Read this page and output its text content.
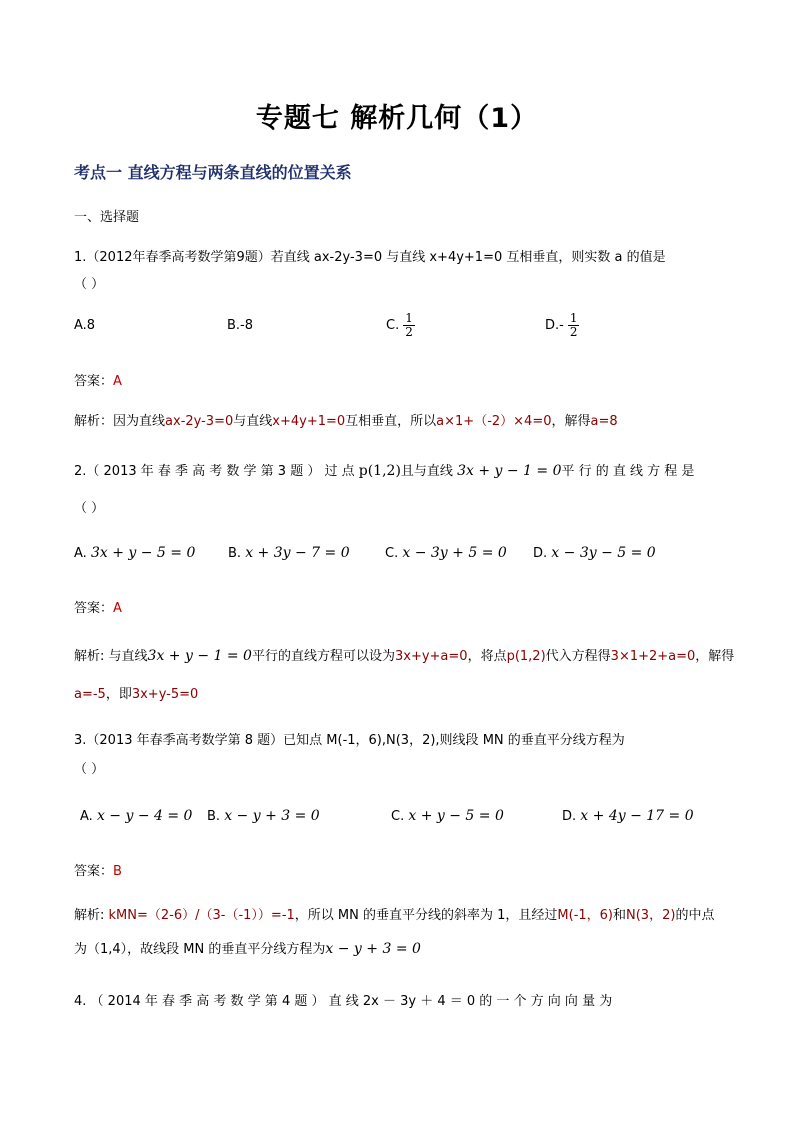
专题七 解析几何（1）
考点一 直线方程与两条直线的位置关系
一、选择题
1.（2012年春季高考数学第9题）若直线 ax-2y-3=0 与直线 x+4y+1=0 互相垂直，则实数 a 的值是
（ ）
A.8	B.-8	C. $\frac{1}{2}$	$D.- \frac{1}{2}$
答案：A
解析：因为直线ax-2y-3=0与直线x+4y+1=0互相垂直，所以a×1+（-2）×4=0，解得a=8
2.（ 2013 年 春 季 高 考 数 学 第 3 题 ） 过 点 p(1,2)且与直线 3x + y − 1 = 0平 行 的 直 线 方 程 是
（ ）
A. 3x + y − 5 = 0	B. x + 3y − 7 = 0	C. x − 3y + 5 = 0 D. x − 3y − 5 = 0
答案：A
解析: 与直线3x + y − 1 = 0平行的直线方程可以设为3x+y+a=0，将点p(1,2)代入方程得3×1+2+a=0，解得
a=-5，即3x+y-5=0
3.（2013 年春季高考数学第 8 题）已知点 M(-1，6),N(3，2),则线段 MN 的垂直平分线方程为
（ ）
A. x − y − 4 = 0 B. x − y + 3 = 0	C. x + y − 5 = 0	D. x + 4y − 17 = 0
答案：B
解析: kMN=（2-6）/（3-（-1））=-1，所以 MN 的垂直平分线的斜率为 1，且经过M(-1，6)和N(3，2)的中点
为（1,4），故线段 MN 的垂直平分线方程为x − y + 3 = 0
4. （ 2014 年 春 季 高 考 数 学 第 4 题 ） 直 线 2x － 3y ＋ 4 ＝ 0 的 一 个 方 向 向 量 为
